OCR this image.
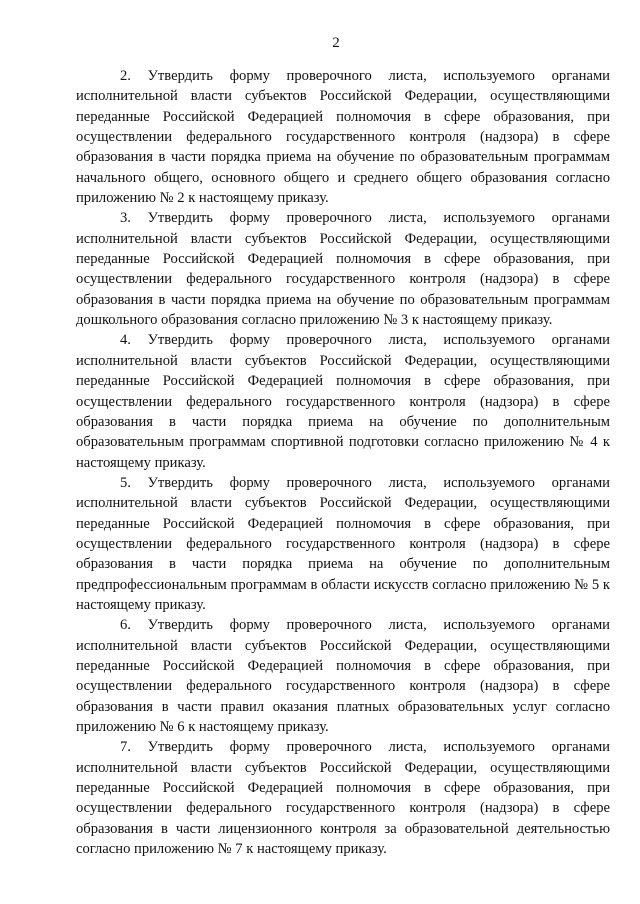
2

2. Утвердить форму проверочного листа, используемого органами исполнительной власти субъектов Российской Федерации, осуществляющими переданные Российской Федерацией полномочия в сфере образования, при осуществлении федерального государственного контроля (надзора) в сфере образования в части порядка приема на обучение по образовательным программам начального общего, основного общего и среднего общего образования согласно приложению № 2 к настоящему приказу.

3. Утвердить форму проверочного листа, используемого органами исполнительной власти субъектов Российской Федерации, осуществляющими переданные Российской Федерацией полномочия в сфере образования, при осуществлении федерального государственного контроля (надзора) в сфере образования в части порядка приема на обучение по образовательным программам дошкольного образования согласно приложению № 3 к настоящему приказу.

4. Утвердить форму проверочного листа, используемого органами исполнительной власти субъектов Российской Федерации, осуществляющими переданные Российской Федерацией полномочия в сфере образования, при осуществлении федерального государственного контроля (надзора) в сфере образования в части порядка приема на обучение по дополнительным образовательным программам спортивной подготовки согласно приложению № 4 к настоящему приказу.

5. Утвердить форму проверочного листа, используемого органами исполнительной власти субъектов Российской Федерации, осуществляющими переданные Российской Федерацией полномочия в сфере образования, при осуществлении федерального государственного контроля (надзора) в сфере образования в части порядка приема на обучение по дополнительным предпрофессиональным программам в области искусств согласно приложению № 5 к настоящему приказу.

6. Утвердить форму проверочного листа, используемого органами исполнительной власти субъектов Российской Федерации, осуществляющими переданные Российской Федерацией полномочия в сфере образования, при осуществлении федерального государственного контроля (надзора) в сфере образования в части правил оказания платных образовательных услуг согласно приложению № 6 к настоящему приказу.

7. Утвердить форму проверочного листа, используемого органами исполнительной власти субъектов Российской Федерации, осуществляющими переданные Российской Федерацией полномочия в сфере образования, при осуществлении федерального государственного контроля (надзора) в сфере образования в части лицензионного контроля за образовательной деятельностью согласно приложению № 7 к настоящему приказу.
